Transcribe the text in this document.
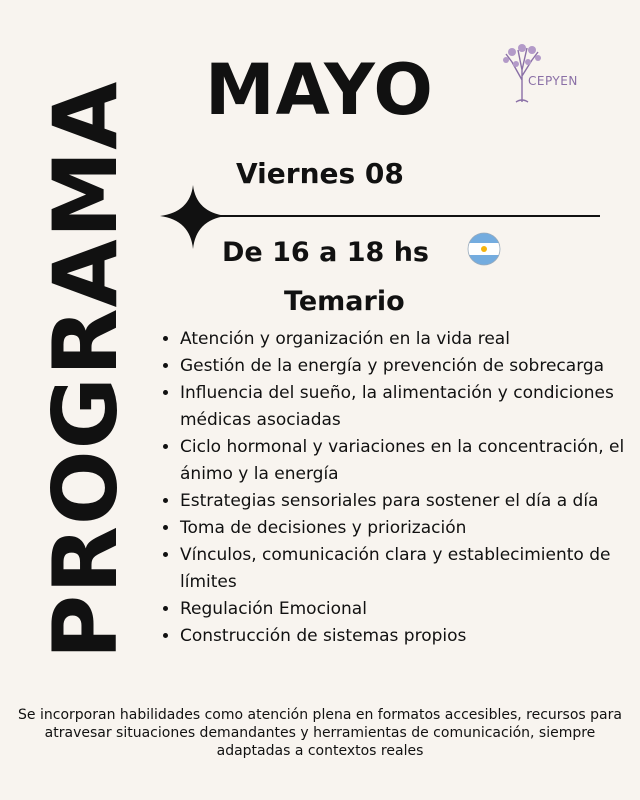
PROGRAMA MAYO	CEPYEN
Viernes 08
De 16 a 18 hs
Temario
• Atención y organización en la vida real
• Gestión de la energía y prevención de sobrecarga
• Influencia del sueño, la alimentación y condiciones médicas asociadas
• Ciclo hormonal y variaciones en la concentración, el ánimo y la energía
• Estrategias sensoriales para sostener el día a día
• Toma de decisiones y priorización
• Vínculos, comunicación clara y establecimiento de límites
• Regulación Emocional
• Construcción de sistemas propios
Se incorporan habilidades como atención plena en formatos accesibles, recursos para atravesar situaciones demandantes y herramientas de comunicación, siempre adaptadas a contextos reales
